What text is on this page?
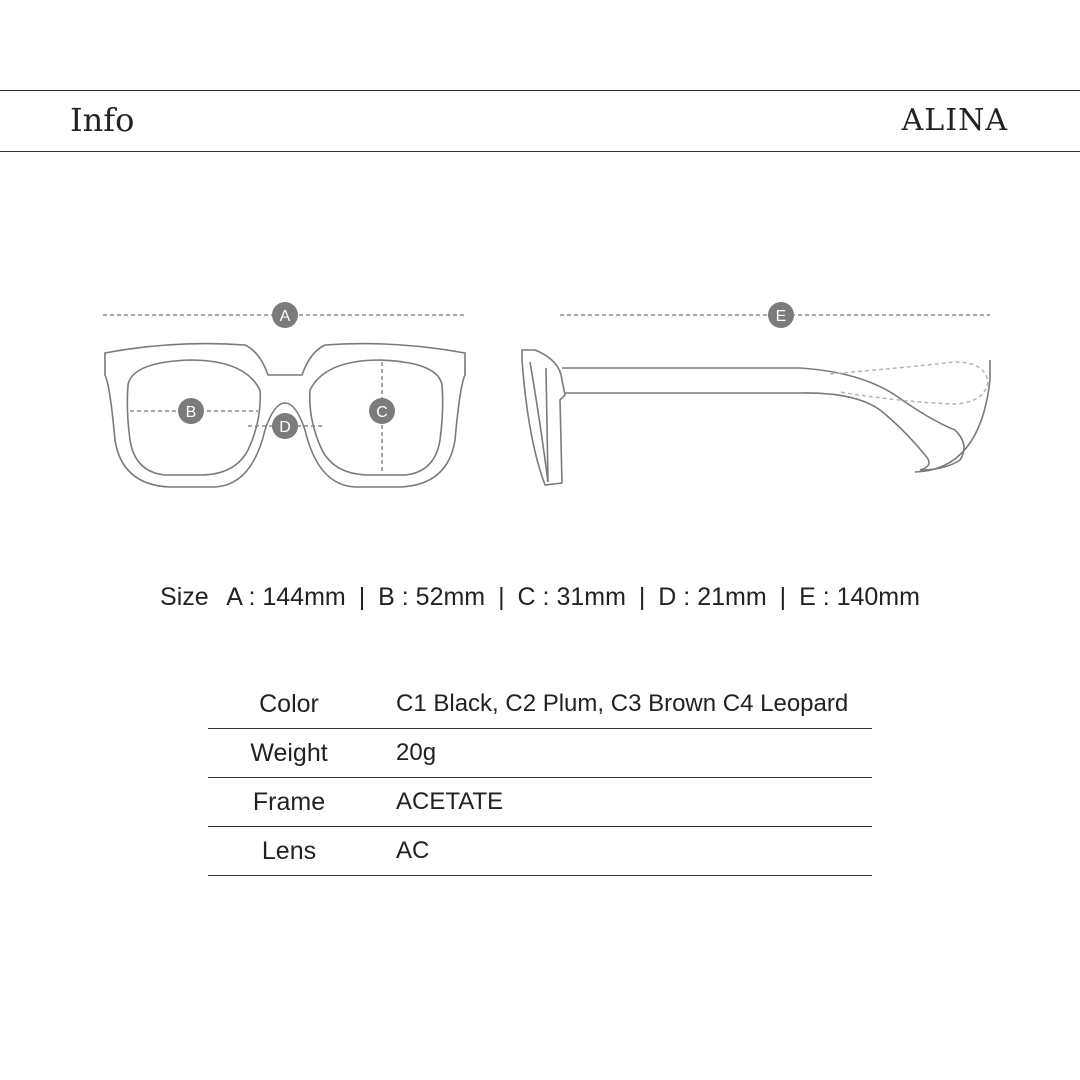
Info	ALINA
A
B	C
D
E
Size A : 144mm | B : 52mm | C : 31mm | D : 21mm | E : 140mm
Color	C1 Black, C2 Plum, C3 Brown C4 Leopard
Weight	20g
Frame	ACETATE
Lens	AC
